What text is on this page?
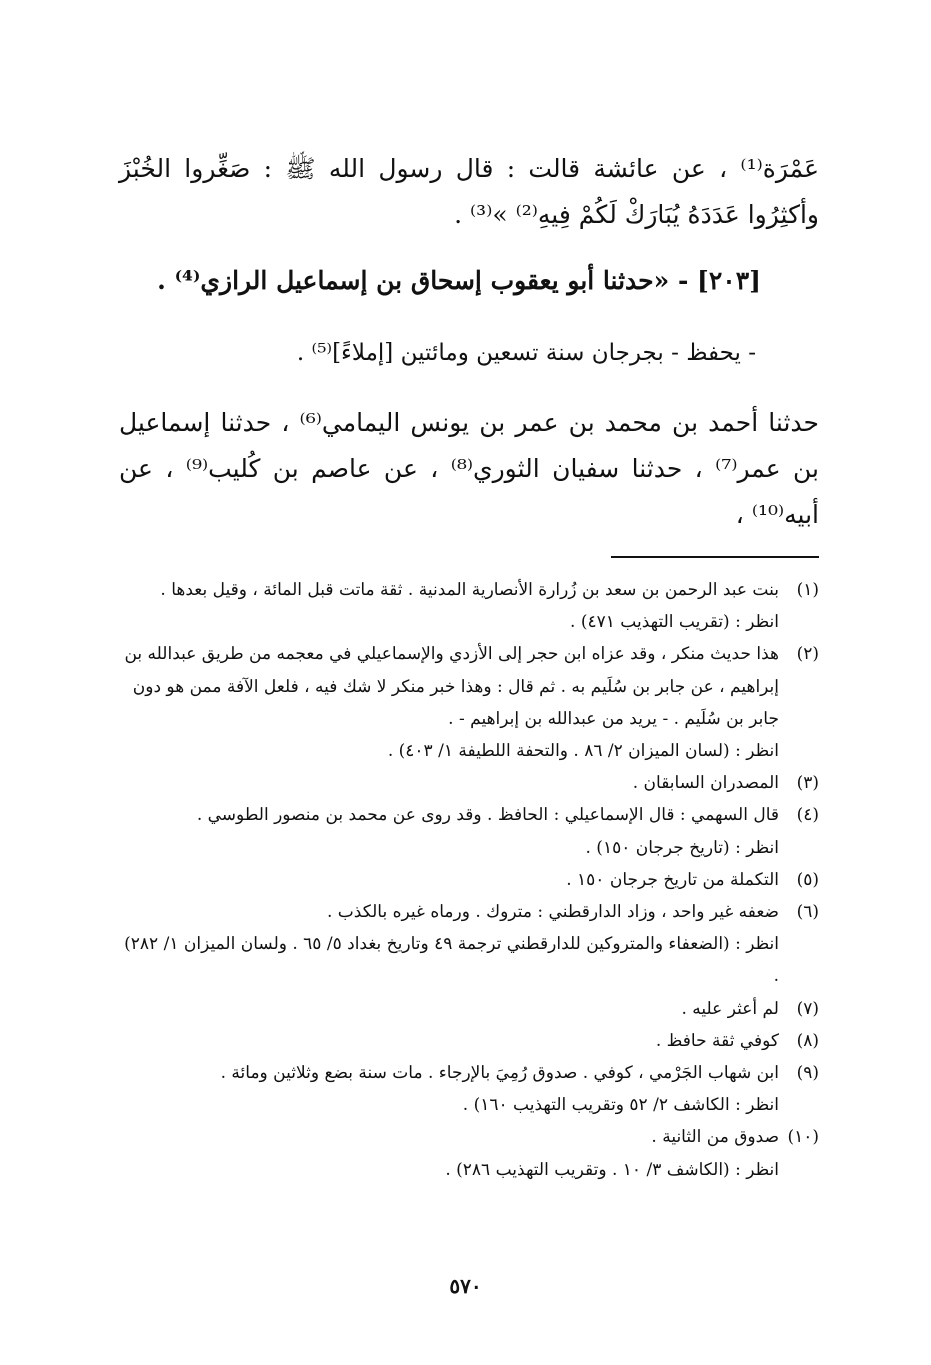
عَمْرَة⁽¹⁾ ، عن عائشة قالت : قال رسول الله ﷺ : صَغِّروا الخُبْزَ وأكثِرُوا عَدَدَهُ يُبَارَكْ لَكُمْ فِيهِ⁽²⁾ »⁽³⁾ .
[٢٠٣] - «حدثنا أبو يعقوب إسحاق بن إسماعيل الرازي⁽⁴⁾ .
- يحفظ - بجرجان سنة تسعين ومائتين [إملاءً]⁽⁵⁾ .
حدثنا أحمد بن محمد بن عمر بن يونس اليمامي⁽⁶⁾ ، حدثنا إسماعيل بن عمر⁽⁷⁾ ، حدثنا سفيان الثوري⁽⁸⁾ ، عن عاصم بن كُليب⁽⁹⁾ ، عن أبيه⁽¹⁰⁾ ،
(١)
بنت عبد الرحمن بن سعد بن زُرارة الأنصارية المدنية . ثقة ماتت قبل المائة ، وقيل بعدها .
انظر : (تقريب التهذيب ٤٧١) .
(٢)
هذا حديث منكر ، وقد عزاه ابن حجر إلى الأزدي والإسماعيلي في معجمه من طريق عبدالله بن إبراهيم ، عن جابر بن سُلَيم به . ثم قال : وهذا خبر منكر لا شك فيه ، فلعل الآفة ممن هو دون جابر بن سُلَيم . - يريد من عبدالله بن إبراهيم - .
انظر : (لسان الميزان ٢/ ٨٦ . والتحفة اللطيفة ١/ ٤٠٣) .
(٣)
المصدران السابقان .
(٤)
قال السهمي : قال الإسماعيلي : الحافظ . وقد روى عن محمد بن منصور الطوسي .
انظر : (تاريخ جرجان ١٥٠) .
(٥)
التكملة من تاريخ جرجان ١٥٠ .
(٦)
ضعفه غير واحد ، وزاد الدارقطني : متروك . ورماه غيره بالكذب .
انظر : (الضعفاء والمتروكين للدارقطني ترجمة ٤٩ وتاريخ بغداد ٥/ ٦٥ . ولسان الميزان ١/ ٢٨٢) .
(٧)
لم أعثر عليه .
(٨)
كوفي ثقة حافظ .
(٩)
ابن شهاب الجَرْمي ، كوفي . صدوق رُمِيَ بالإرجاء . مات سنة بضع وثلاثين ومائة .
انظر : الكاشف ٢/ ٥٢ وتقريب التهذيب ١٦٠) .
(١٠)
صدوق من الثانية .
انظر : (الكاشف ٣/ ١٠ . وتقريب التهذيب ٢٨٦) .
٥٧٠
